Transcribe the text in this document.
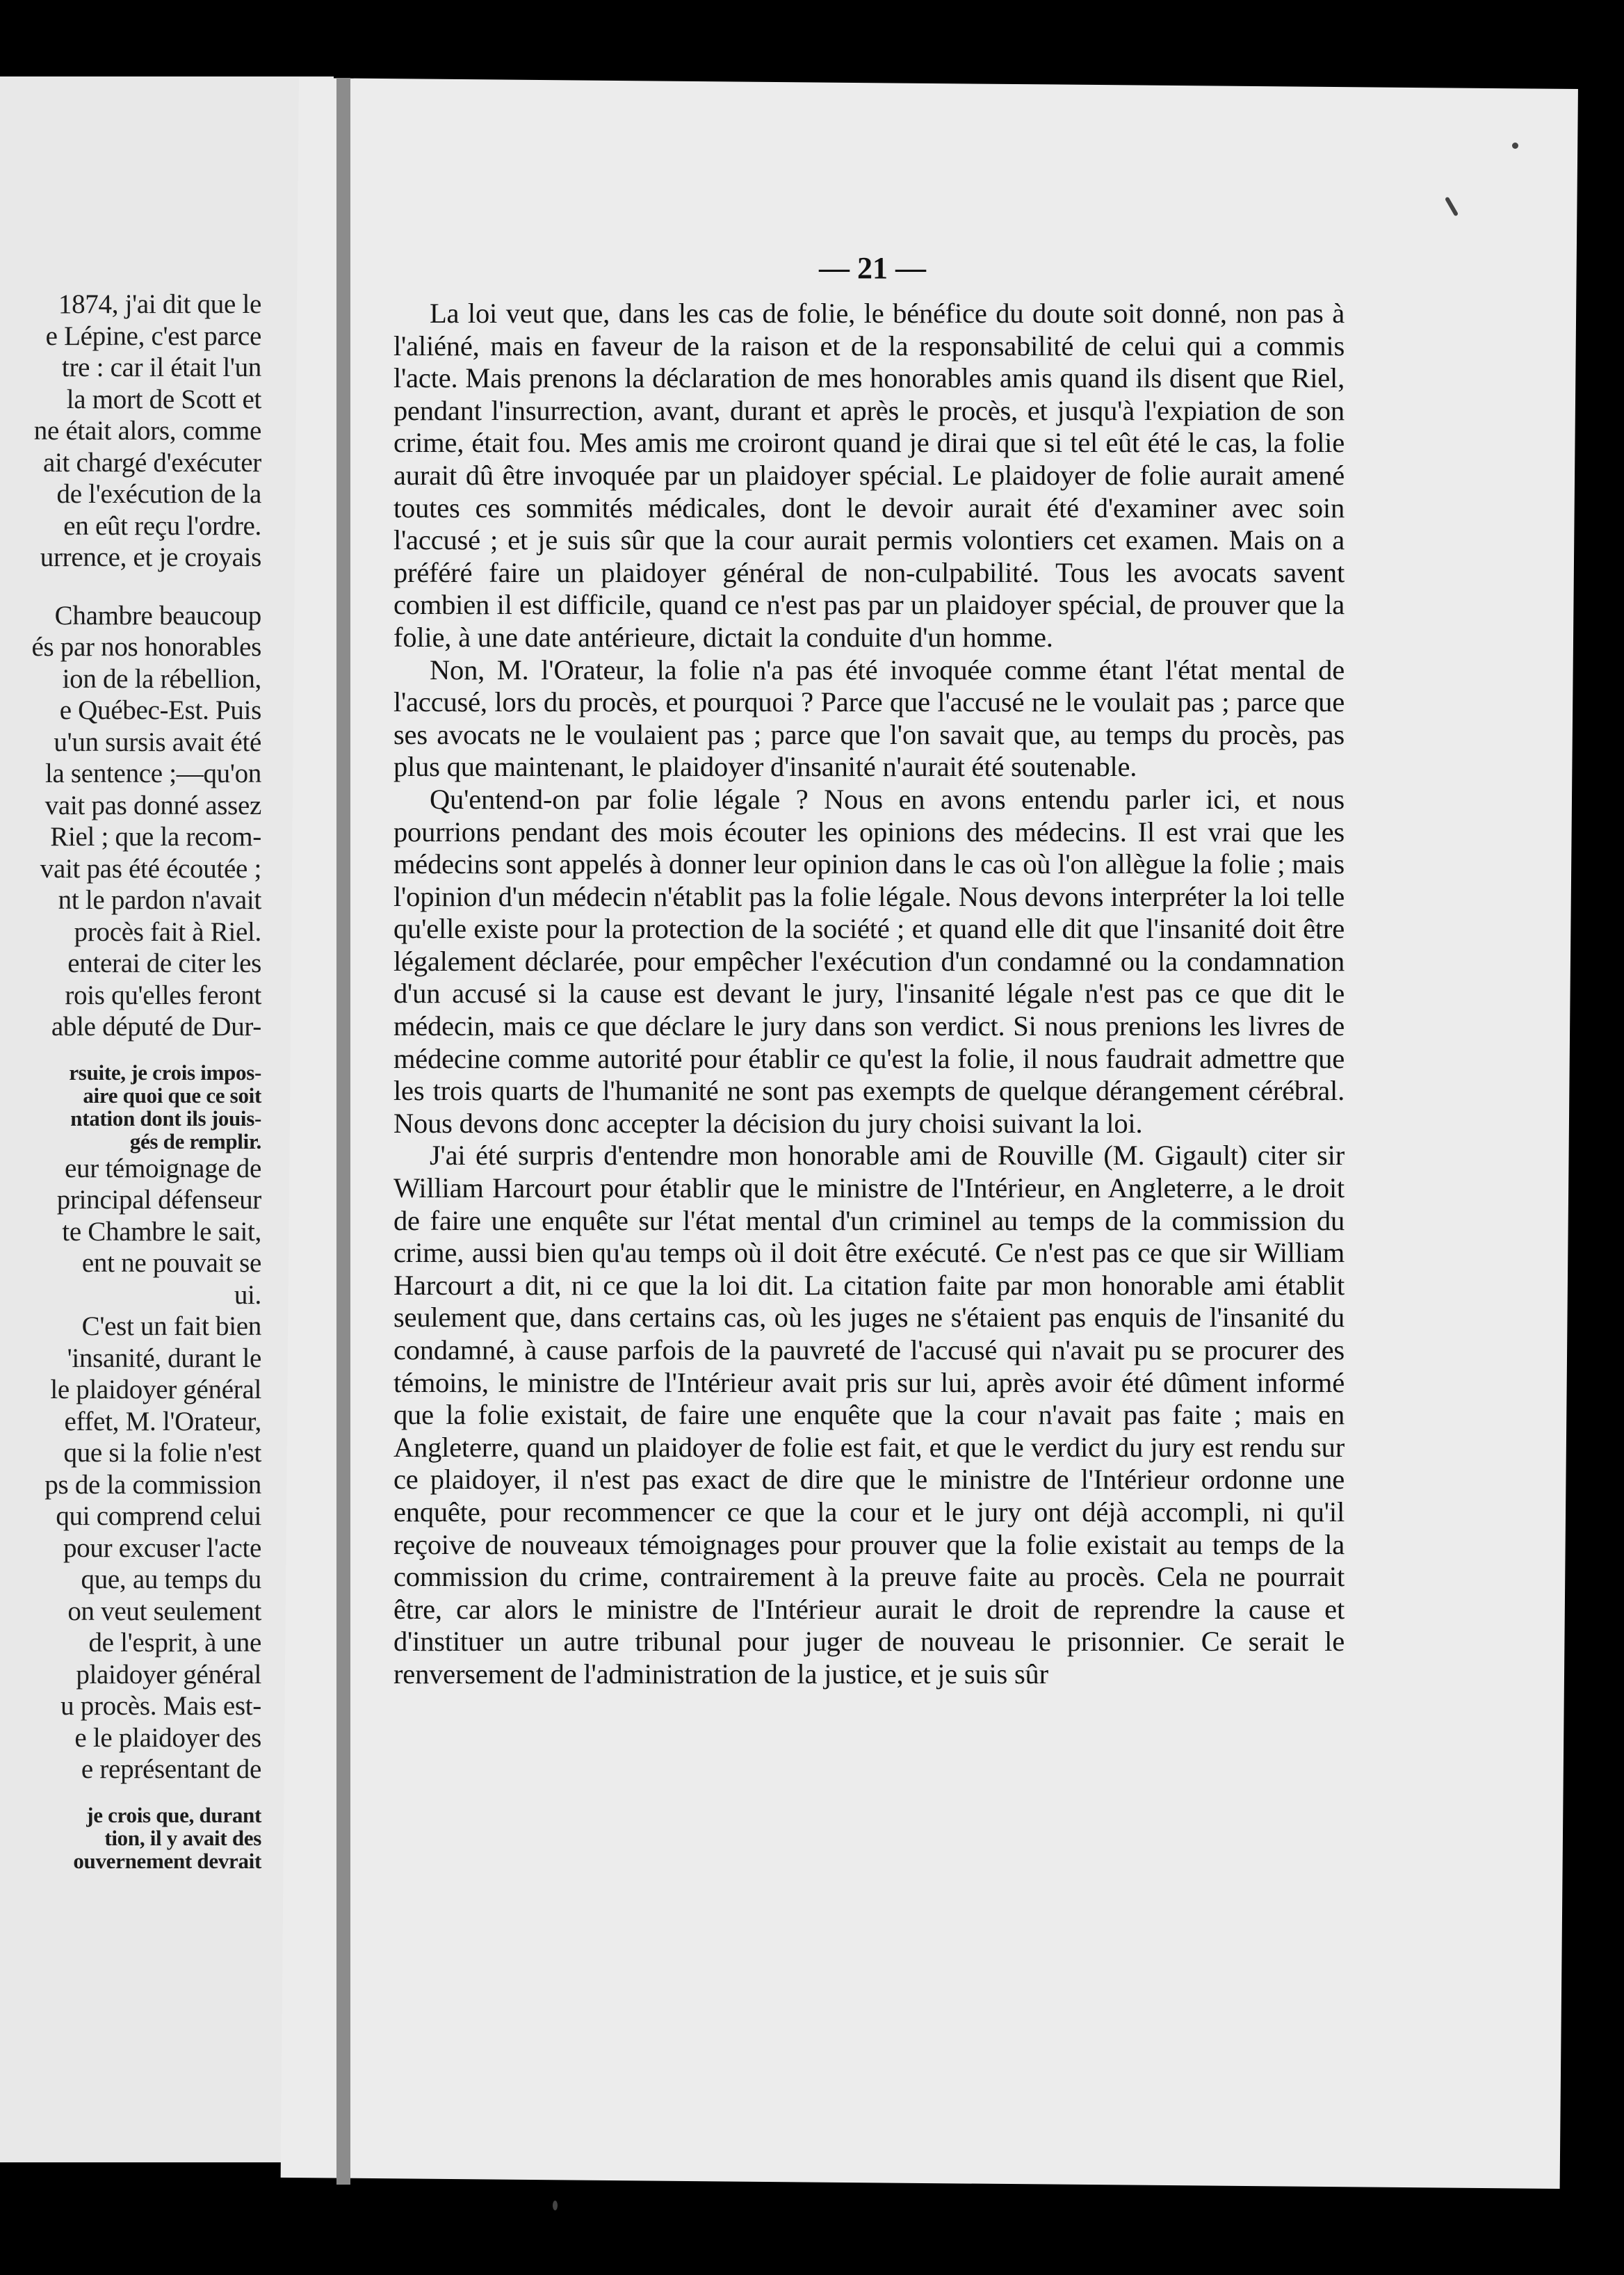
1874, j'ai dit que le

e Lépine, c'est parce

tre : car il était l'un

la mort de Scott et

ne était alors, comme

ait chargé d'exécuter

de l'exécution de la

en eût reçu l'ordre.

urrence, et je croyais

Chambre beaucoup

és par nos honorables

ion de la rébellion,

e Québec-Est. Puis

u'un sursis avait été

la sentence ;—qu'on

vait pas donné assez

Riel ; que la recom-

vait pas été écoutée ;

nt le pardon n'avait

procès fait à Riel.

enterai de citer les

rois qu'elles feront

able député de Dur-

rsuite, je crois impos-

aire quoi que ce soit

ntation dont ils jouis-

gés de remplir.

eur témoignage de

principal défenseur

te Chambre le sait,

ent ne pouvait se

ui.

C'est un fait bien

'insanité, durant le

le plaidoyer général

effet, M. l'Orateur,

que si la folie n'est

ps de la commission

qui comprend celui

pour excuser l'acte

que, au temps du

on veut seulement

de l'esprit, à une

plaidoyer général

u procès. Mais est-

e le plaidoyer des

e représentant de

je crois que, durant

tion, il y avait des

ouvernement devrait

— 21 —

La loi veut que, dans les cas de folie, le bénéfice du doute soit donné, non pas à l'aliéné, mais en faveur de la raison et de la responsabilité de celui qui a commis l'acte. Mais prenons la déclaration de mes honorables amis quand ils disent que Riel, pendant l'insurrection, avant, durant et après le procès, et jusqu'à l'expiation de son crime, était fou. Mes amis me croiront quand je dirai que si tel eût été le cas, la folie aurait dû être invoquée par un plaidoyer spécial. Le plaidoyer de folie aurait amené toutes ces sommités médicales, dont le devoir aurait été d'examiner avec soin l'accusé ; et je suis sûr que la cour aurait permis volontiers cet examen. Mais on a préféré faire un plaidoyer général de non-culpabilité. Tous les avocats savent combien il est difficile, quand ce n'est pas par un plaidoyer spécial, de prouver que la folie, à une date antérieure, dictait la conduite d'un homme.

Non, M. l'Orateur, la folie n'a pas été invoquée comme étant l'état mental de l'accusé, lors du procès, et pourquoi ? Parce que l'accusé ne le voulait pas ; parce que ses avocats ne le voulaient pas ; parce que l'on savait que, au temps du procès, pas plus que maintenant, le plaidoyer d'insanité n'aurait été soutenable.

Qu'entend-on par folie légale ? Nous en avons entendu parler ici, et nous pourrions pendant des mois écouter les opinions des médecins. Il est vrai que les médecins sont appelés à donner leur opinion dans le cas où l'on allègue la folie ; mais l'opinion d'un médecin n'établit pas la folie légale. Nous devons interpréter la loi telle qu'elle existe pour la protection de la société ; et quand elle dit que l'insanité doit être légalement déclarée, pour empêcher l'exécution d'un condamné ou la condamnation d'un accusé si la cause est devant le jury, l'insanité légale n'est pas ce que dit le médecin, mais ce que déclare le jury dans son verdict. Si nous prenions les livres de médecine comme autorité pour établir ce qu'est la folie, il nous faudrait admettre que les trois quarts de l'humanité ne sont pas exempts de quelque dérangement cérébral. Nous devons donc accepter la décision du jury choisi suivant la loi.

J'ai été surpris d'entendre mon honorable ami de Rouville (M. Gigault) citer sir William Harcourt pour établir que le ministre de l'Intérieur, en Angleterre, a le droit de faire une enquête sur l'état mental d'un criminel au temps de la commission du crime, aussi bien qu'au temps où il doit être exécuté. Ce n'est pas ce que sir William Harcourt a dit, ni ce que la loi dit. La citation faite par mon honorable ami établit seulement que, dans certains cas, où les juges ne s'étaient pas enquis de l'insanité du condamné, à cause parfois de la pauvreté de l'accusé qui n'avait pu se procurer des témoins, le ministre de l'Intérieur avait pris sur lui, après avoir été dûment informé que la folie existait, de faire une enquête que la cour n'avait pas faite ; mais en Angleterre, quand un plaidoyer de folie est fait, et que le verdict du jury est rendu sur ce plaidoyer, il n'est pas exact de dire que le ministre de l'Intérieur ordonne une enquête, pour recommencer ce que la cour et le jury ont déjà accompli, ni qu'il reçoive de nouveaux témoignages pour prouver que la folie existait au temps de la commission du crime, contrairement à la preuve faite au procès. Cela ne pourrait être, car alors le ministre de l'Intérieur aurait le droit de reprendre la cause et d'instituer un autre tribunal pour juger de nouveau le prisonnier. Ce serait le renversement de l'administration de la justice, et je suis sûr
